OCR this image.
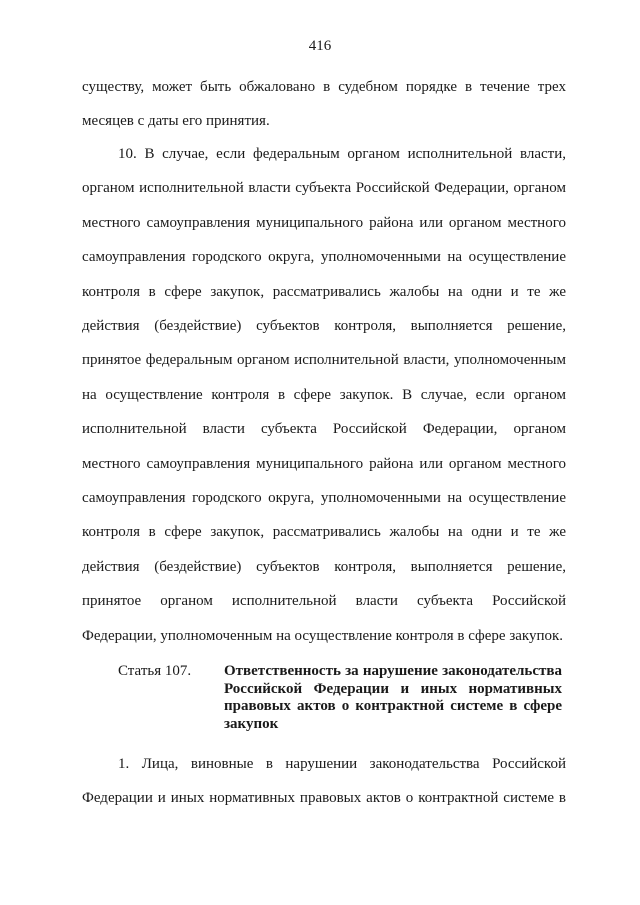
416
существу, может быть обжаловано в судебном порядке в течение трех
месяцев с даты его принятия.
10. В случае, если федеральным органом исполнительной власти,
органом исполнительной власти субъекта Российской Федерации, органом
местного самоуправления муниципального района или органом местного
самоуправления городского округа, уполномоченными на осуществление
контроля в сфере закупок, рассматривались жалобы на одни и те же
действия (бездействие) субъектов контроля, выполняется решение,
принятое федеральным органом исполнительной власти, уполномоченным
на осуществление контроля в сфере закупок. В случае, если органом
исполнительной власти субъекта Российской Федерации, органом
местного самоуправления муниципального района или органом местного
самоуправления городского округа, уполномоченными на осуществление
контроля в сфере закупок, рассматривались жалобы на одни и те же
действия (бездействие) субъектов контроля, выполняется решение,
принятое органом исполнительной власти субъекта Российской
Федерации, уполномоченным на осуществление контроля в сфере закупок.
Статья 107. Ответственность за нарушение законодательства
Российской Федерации и иных нормативных
правовых актов о контрактной системе в сфере
закупок
1. Лица, виновные в нарушении законодательства Российской
Федерации и иных нормативных правовых актов о контрактной системе в
